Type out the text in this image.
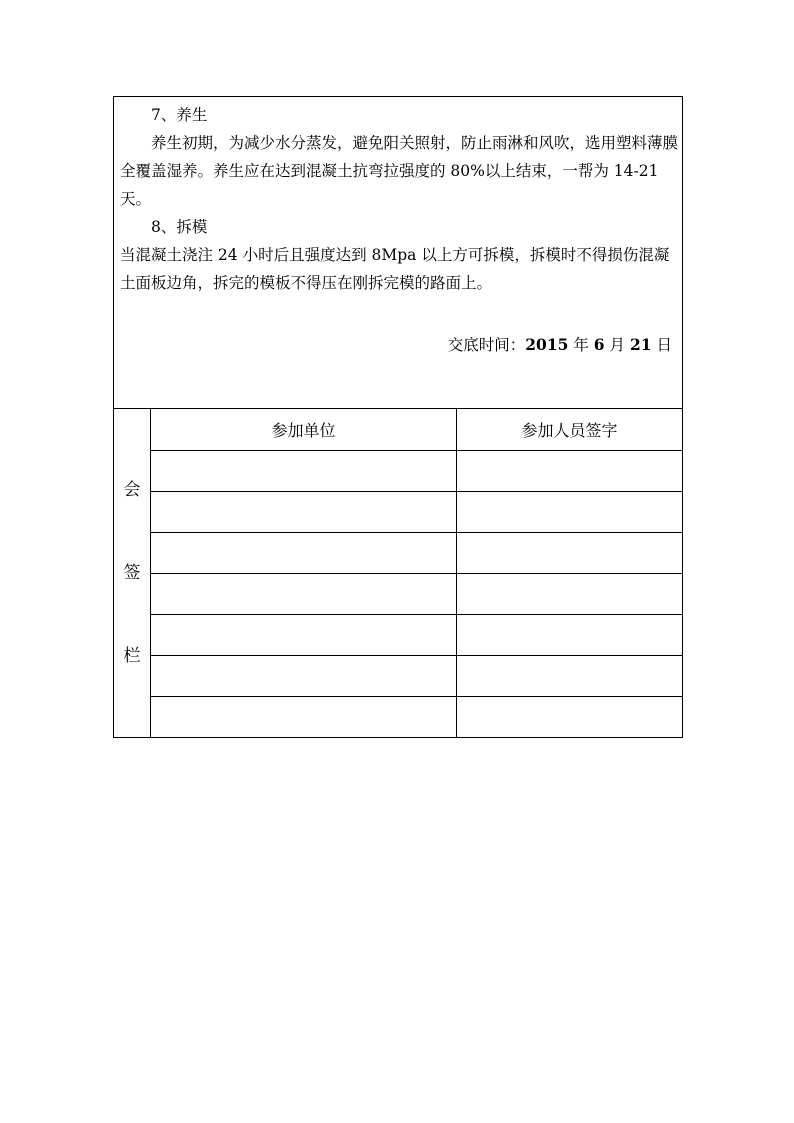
7、养生

养生初期，为减少水分蒸发，避免阳关照射，防止雨淋和风吹，选用塑料薄膜全覆盖湿养。养生应在达到混凝土抗弯拉强度的 80%以上结束，一帮为 14-21 天。

8、拆模

当混凝土浇注 24 小时后且强度达到 8Mpa 以上方可拆模，拆模时不得损伤混凝土面板边角，拆完的模板不得压在刚拆完模的路面上。

交底时间：2015 年 6 月 21 日		

会
签
栏	参加单位	参加人员签字
